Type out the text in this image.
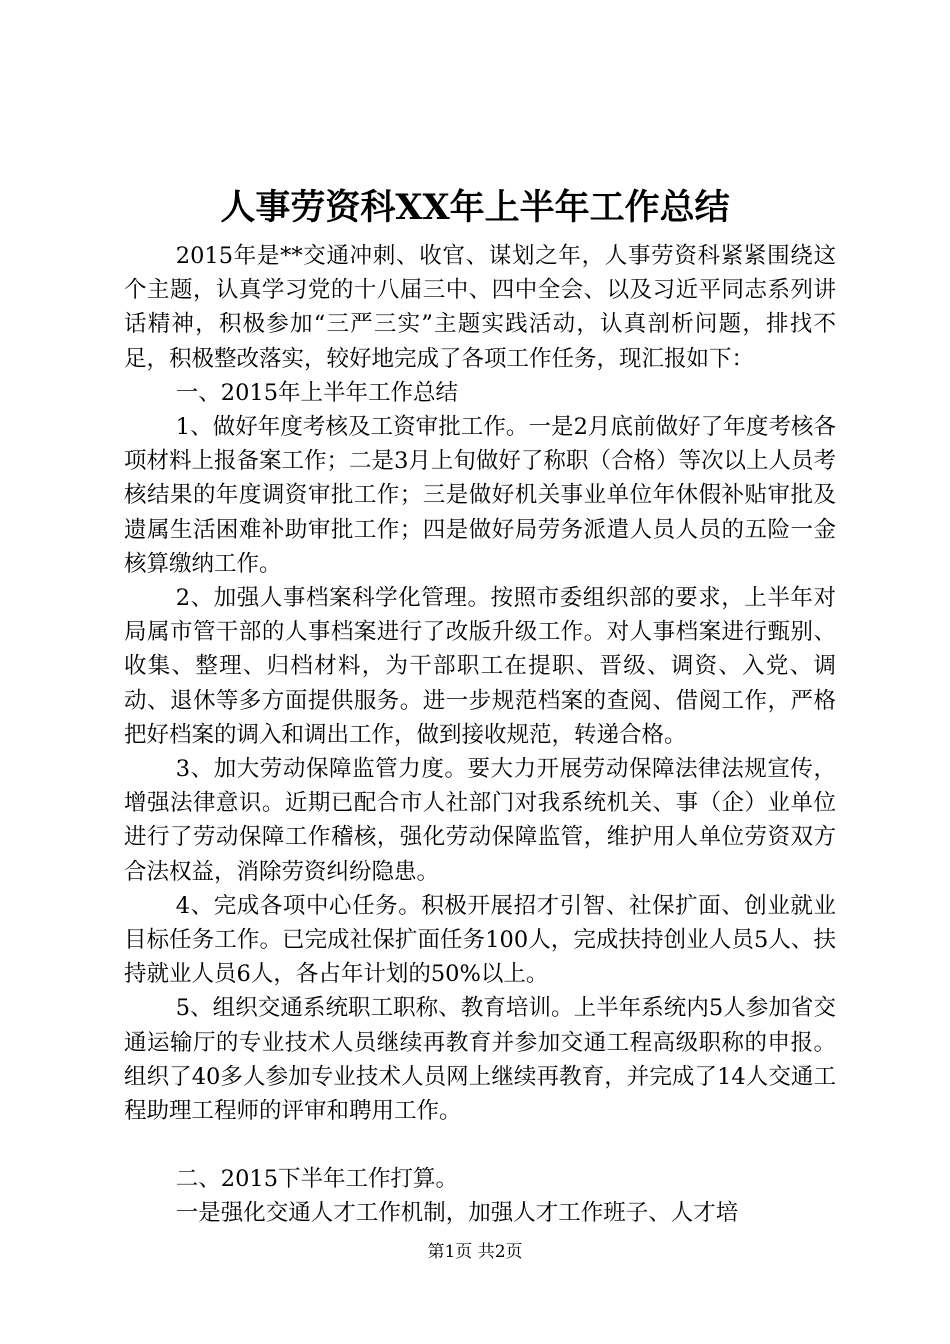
人事劳资科XX年上半年工作总结

2015年是**交通冲刺、收官、谋划之年，人事劳资科紧紧围绕这个主题，认真学习党的十八届三中、四中全会、以及习近平同志系列讲话精神，积极参加“三严三实”主题实践活动，认真剖析问题，排找不足，积极整改落实，较好地完成了各项工作任务，现汇报如下：

一、2015年上半年工作总结

1、做好年度考核及工资审批工作。一是2月底前做好了年度考核各项材料上报备案工作；二是3月上旬做好了称职（合格）等次以上人员考核结果的年度调资审批工作；三是做好机关事业单位年休假补贴审批及遗属生活困难补助审批工作；四是做好局劳务派遣人员人员的五险一金核算缴纳工作。

2、加强人事档案科学化管理。按照市委组织部的要求，上半年对局属市管干部的人事档案进行了改版升级工作。对人事档案进行甄别、收集、整理、归档材料，为干部职工在提职、晋级、调资、入党、调动、退休等多方面提供服务。进一步规范档案的查阅、借阅工作，严格把好档案的调入和调出工作，做到接收规范，转递合格。

3、加大劳动保障监管力度。要大力开展劳动保障法律法规宣传，增强法律意识。近期已配合市人社部门对我系统机关、事（企）业单位进行了劳动保障工作稽核，强化劳动保障监管，维护用人单位劳资双方合法权益，消除劳资纠纷隐患。

4、完成各项中心任务。积极开展招才引智、社保扩面、创业就业目标任务工作。已完成社保扩面任务100人，完成扶持创业人员5人、扶持就业人员6人，各占年计划的50%以上。

5、组织交通系统职工职称、教育培训。上半年系统内5人参加省交通运输厅的专业技术人员继续再教育并参加交通工程高级职称的申报。组织了40多人参加专业技术人员网上继续再教育，并完成了14人交通工程助理工程师的评审和聘用工作。

二、2015下半年工作打算。

一是强化交通人才工作机制，加强人才工作班子、人才培

第1页 共2页
